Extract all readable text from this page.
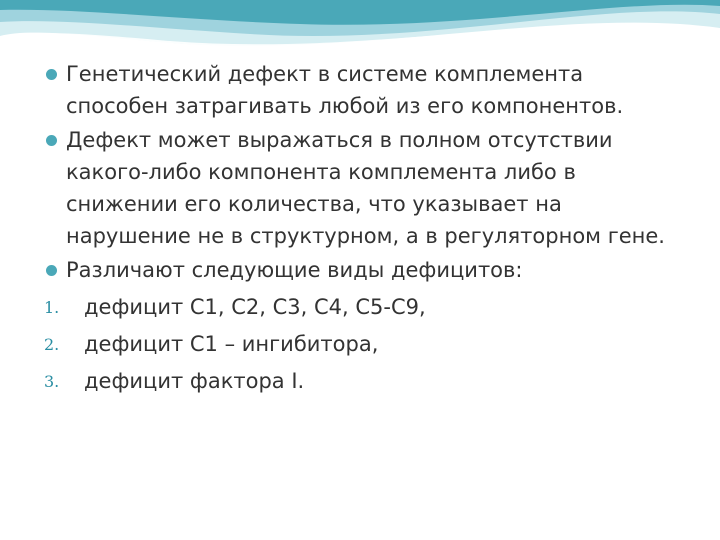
Генетический дефект в системе комплемента способен затрагивать любой из его компонентов.

Дефект может выражаться в полном отсутствии какого-либо компонента комплемента либо в снижении его количества, что указывает на нарушение не в структурном, а в регуляторном гене.

Различают следующие виды дефицитов:

1. дефицит С1, С2, С3, С4, С5-С9,

2. дефицит С1 – ингибитора,

3. дефицит фактора I.
